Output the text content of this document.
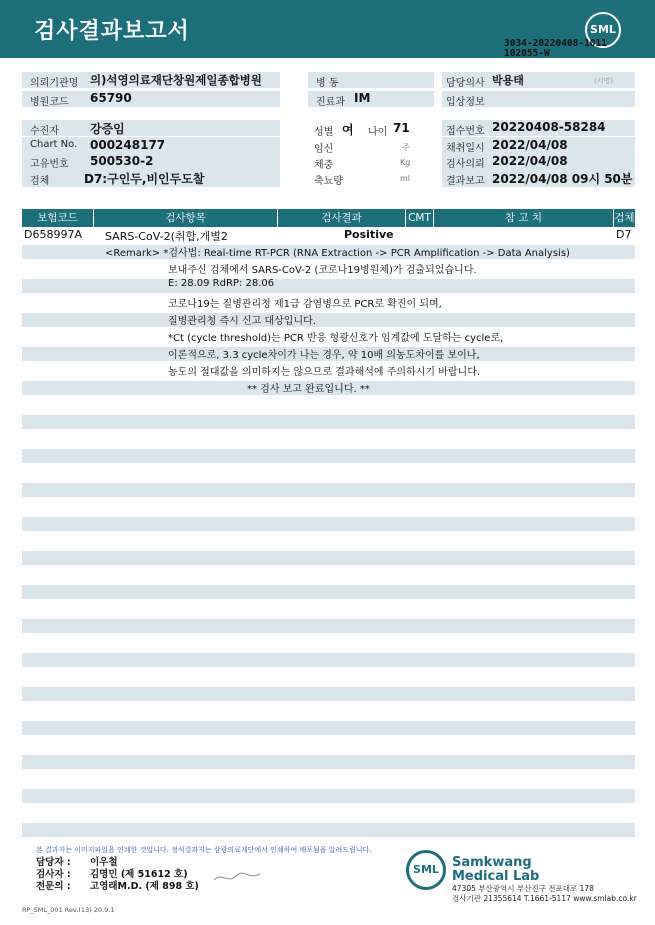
검사결과보고서	SML
3034-20220408-1011
102055-W
의뢰기관명 의)석영의료재단창원제일종합병원	병 동	담당의사 박용태	(서명)
병원코드 65790	진료과 IM	입상정보
수진자	강증임	성별 여 나이 71	접수번호 20220408-58284
Chart No. 000248177	임신	주	채취일시 2022/04/08
고유번호 500530-2	체중	Kg	검사의뢰 2022/04/08
검체	D7:구인두,비인두도찰	축뇨량	ml	결과보고 2022/04/08 09시 50분
보험코드	검사항목	검사결과	CMT	참 고 치	검체
D658997A SARS-CoV-2(취합,개별2	Positive	D7
<Remark> *검사법: Real-time RT-PCR (RNA Extraction -> PCR Amplification -> Data Analysis)
보내주신 검체에서 SARS-CoV-2 (코로나19병원체)가 검출되었습니다.
E: 28.09 RdRP: 28.06
코로나19는 질병관리청 제1급 감염병으로 PCR로 확진이 되며,
질병관리청 즉시 신고 대상입니다.
*Ct (cycle threshold)는 PCR 반응 형광신호가 임계값에 도달하는 cycle로,
이론적으로, 3.3 cycle차이가 나는 경우, 약 10배 의농도차이를 보이나,
농도의 절대값을 의미하지는 않으므로 결과해석에 주의하시기 바랍니다.
** 검사 보고 완료입니다. **
본 결과지는 이미지파일을 인쇄한 것입니다. 정식결과지는 삼광의료재단에서 인쇄하여 배포됨을 알려드립니다.
담당자 : 이우철
검사자 : 김명민 (제 51612 호)
전문의 : 고영래M.D. (제 898 호)
SML	Samkwang
Medical Lab
47305 부산광역시 부산진구 전포대로 178
검사기관 21355614 T.1661-5117 www.smlab.co.kr
RP_SML_001 Rev.(13) 20.9.1
